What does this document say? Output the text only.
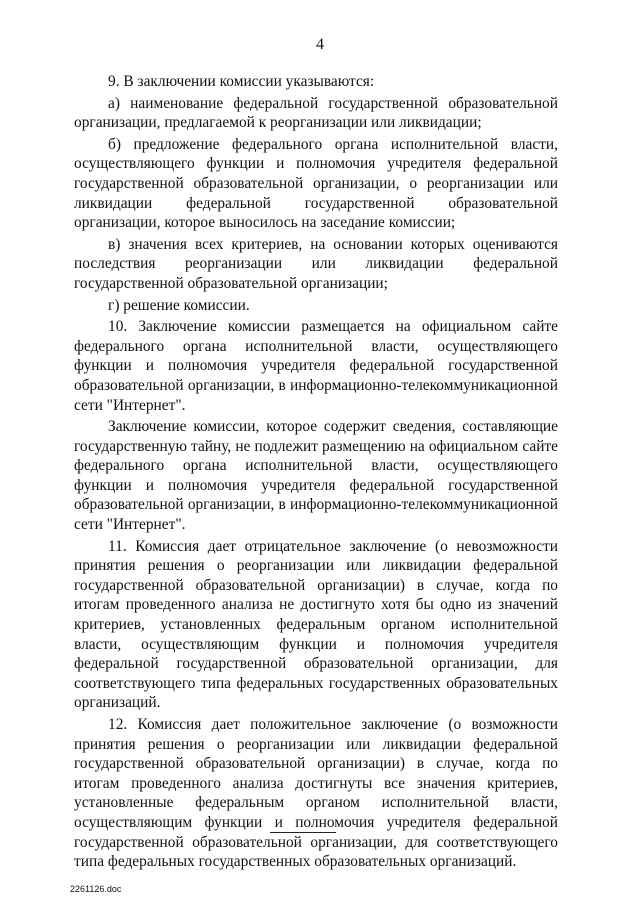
4

9. В заключении комиссии указываются:

а) наименование федеральной государственной образовательной организации, предлагаемой к реорганизации или ликвидации;

б) предложение федерального органа исполнительной власти, осуществляющего функции и полномочия учредителя федеральной государственной образовательной организации, о реорганизации или ликвидации федеральной государственной образовательной организации, которое выносилось на заседание комиссии;

в) значения всех критериев, на основании которых оцениваются последствия реорганизации или ликвидации федеральной государственной образовательной организации;

г) решение комиссии.

10. Заключение комиссии размещается на официальном сайте федерального органа исполнительной власти, осуществляющего функции и полномочия учредителя федеральной государственной образовательной организации, в информационно-телекоммуникационной сети "Интернет".

Заключение комиссии, которое содержит сведения, составляющие государственную тайну, не подлежит размещению на официальном сайте федерального органа исполнительной власти, осуществляющего функции и полномочия учредителя федеральной государственной образовательной организации, в информационно-телекоммуникационной сети "Интернет".

11. Комиссия дает отрицательное заключение (о невозможности принятия решения о реорганизации или ликвидации федеральной государственной образовательной организации) в случае, когда по итогам проведенного анализа не достигнуто хотя бы одно из значений критериев, установленных федеральным органом исполнительной власти, осуществляющим функции и полномочия учредителя федеральной государственной образовательной организации, для соответствующего типа федеральных государственных образовательных организаций.

12. Комиссия дает положительное заключение (о возможности принятия решения о реорганизации или ликвидации федеральной государственной образовательной организации) в случае, когда по итогам проведенного анализа достигнуты все значения критериев, установленные федеральным органом исполнительной власти, осуществляющим функции и полномочия учредителя федеральной государственной образовательной организации, для соответствующего типа федеральных государственных образовательных организаций.

2261126.doc
